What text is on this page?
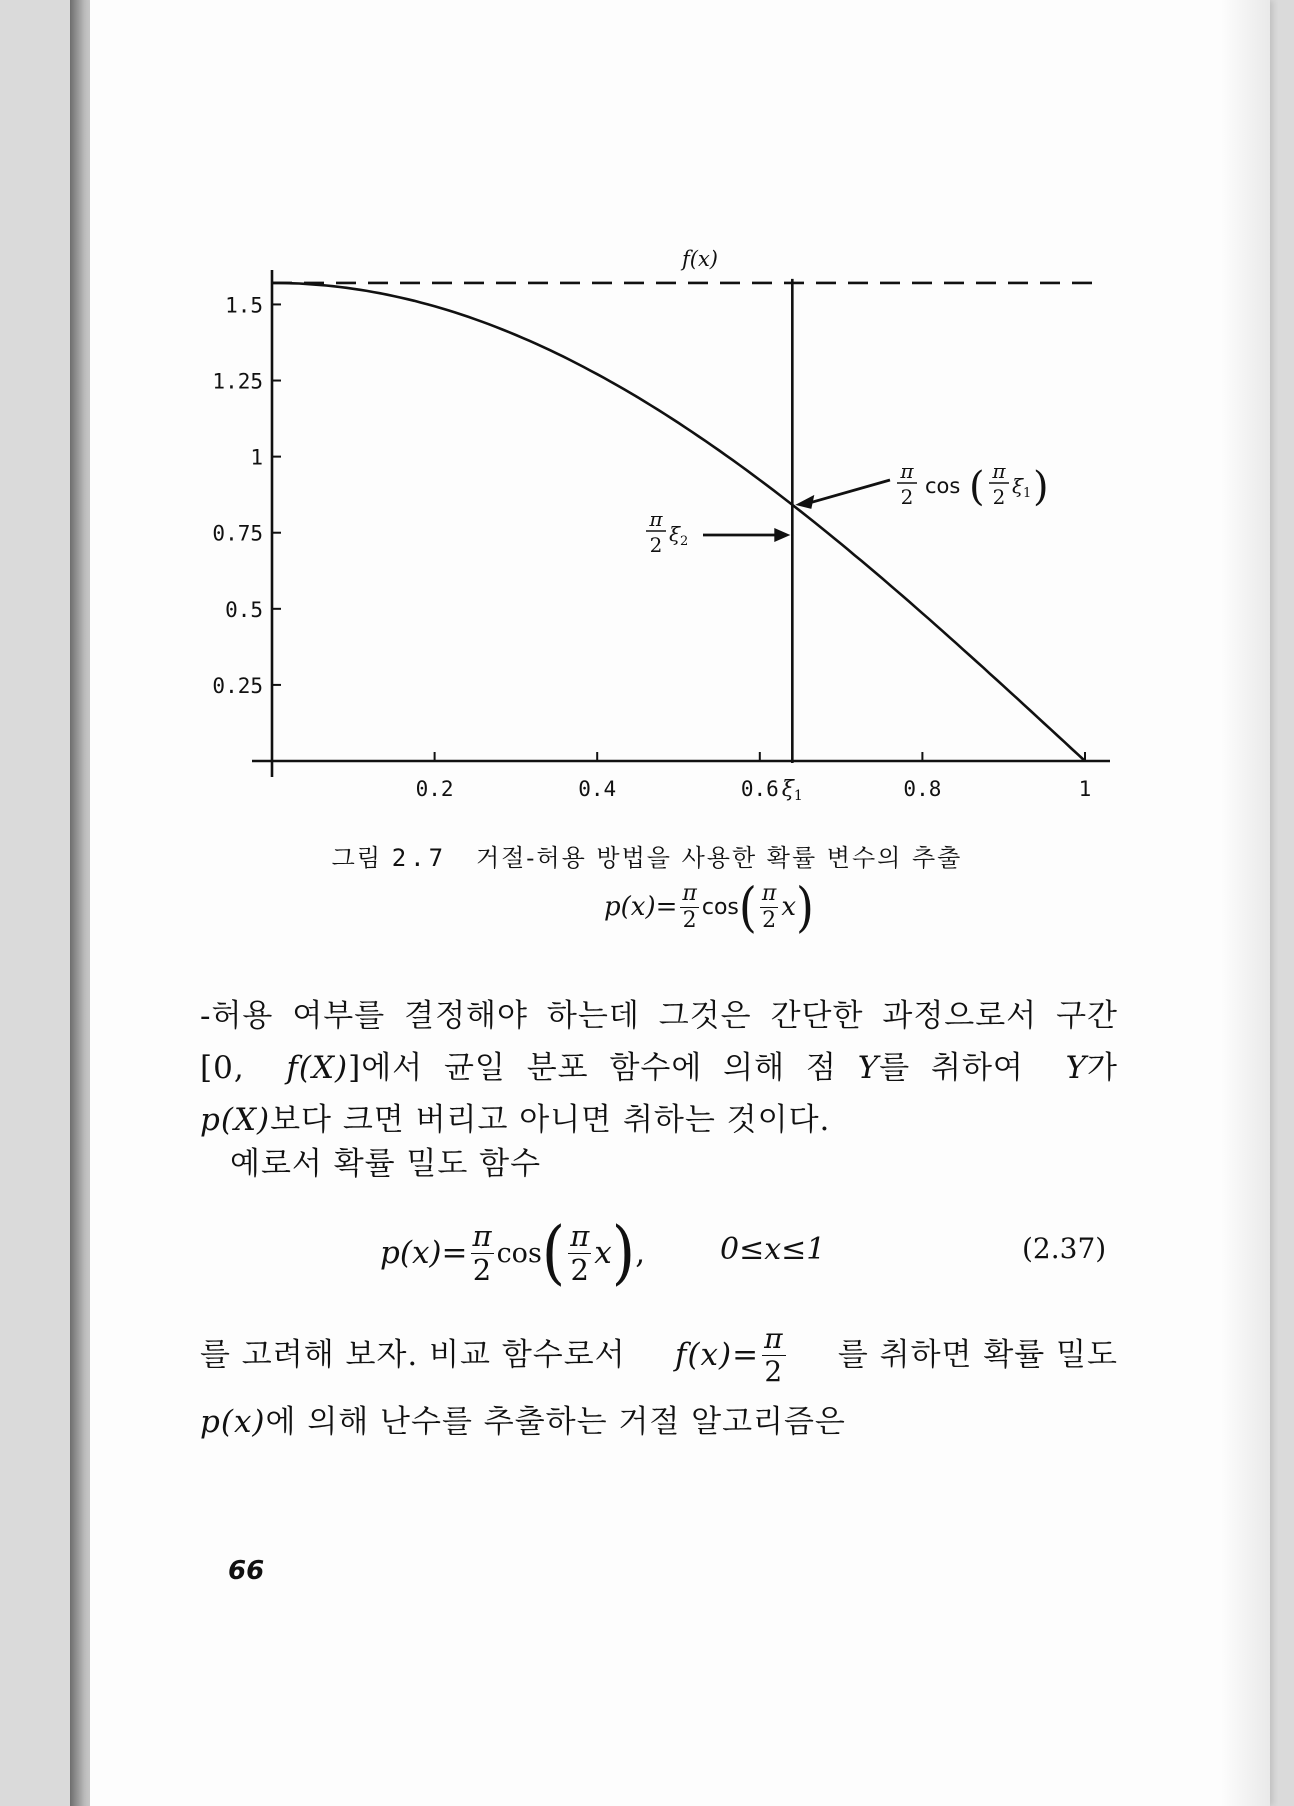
0.2	0.4	0.6	0.8	1
0.25
0.5
0.75
1
1.25
1.5
f(x)
ξ1
π
2 cos ( π
2 $\xi_1$ )
π
2 $\xi_2$
그림 2.7 거절-허용 방법을 사용한 확률 변수의 추출
$p(x)= \frac{\pi}{2}$ cos ( $\frac{\pi}{2}$ x )
-허용 여부를 결정해야 하는데 그것은 간단한 과정으로서 구간
[0, f(X)]에서 균일 분포 함수에 의해 점 Y를 취하여 Y가
p(X)보다 크면 버리고 아니면 취하는 것이다.
예로서 확률 밀도 함수
$p(x)= \frac{\pi}{2}$ cos ( $\frac{\pi}{2}$ x ) , 0≤x≤1	(2.37)
를 고려해 보자. 비교 함수로서 $f(x)= \frac{\pi}{2}$ 를 취하면 확률 밀도
p(x)에 의해 난수를 추출하는 거절 알고리즘은
66
